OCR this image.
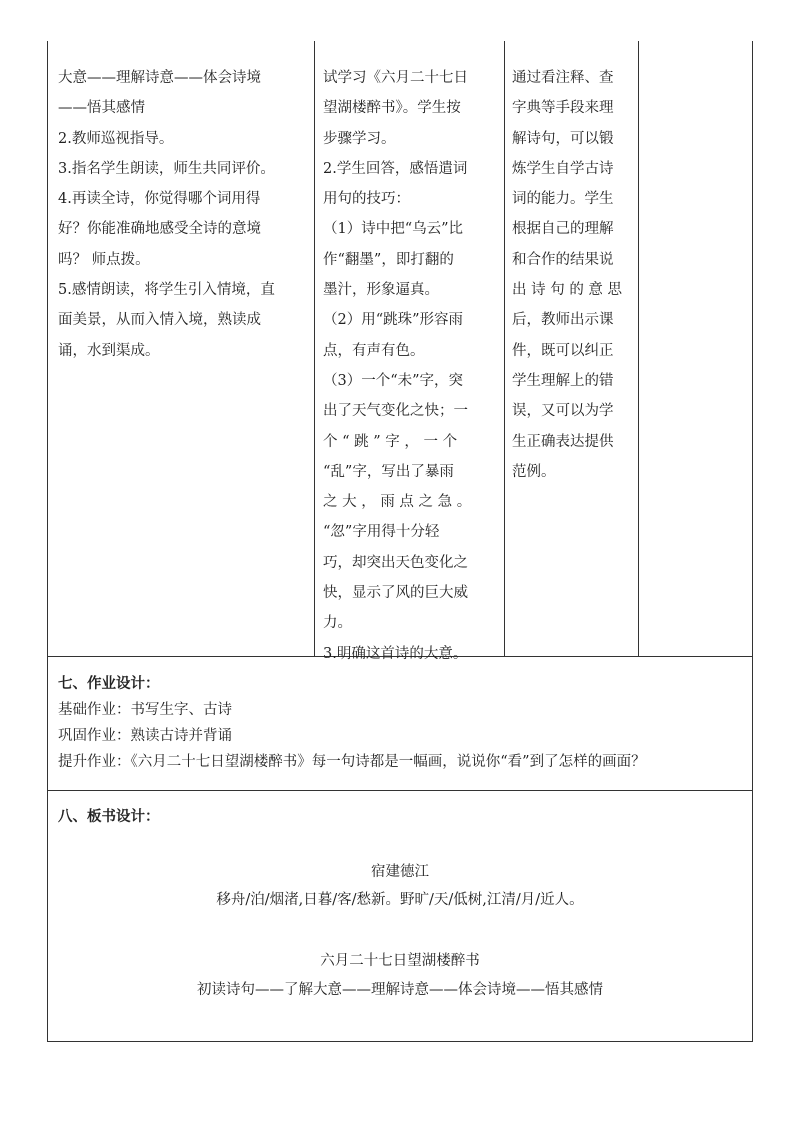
大意——理解诗意——体会诗境

——悟其感情

2.教师巡视指导。

3.指名学生朗读，师生共同评价。

4.再读全诗，你觉得哪个词用得

好？你能准确地感受全诗的意境

吗？ 师点拨。

5.感情朗读，将学生引入情境，直

面美景，从而入情入境，熟读成

诵，水到渠成。

试学习《六月二十七日

望湖楼醉书》。学生按

步骤学习。

2.学生回答，感悟遣词

用句的技巧：

（1）诗中把“乌云”比

作“翻墨”，即打翻的

墨汁，形象逼真。

（2）用“跳珠”形容雨

点，有声有色。

（3）一个“未”字，突

出了天气变化之快；一

个 “ 跳 ” 字 ， 一 个

“乱”字，写出了暴雨

之 大 ， 雨 点 之 急 。

“忽”字用得十分轻

巧，却突出天色变化之

快，显示了风的巨大威

力。

3.明确这首诗的大意。

通过看注释、查

字典等手段来理

解诗句，可以锻

炼学生自学古诗

词的能力。学生

根据自己的理解

和合作的结果说

出 诗 句 的 意 思

后，教师出示课

件，既可以纠正

学生理解上的错

误，又可以为学

生正确表达提供

范例。

七、作业设计：

基础作业：书写生字、古诗

巩固作业：熟读古诗并背诵

提升作业：《六月二十七日望湖楼醉书》每一句诗都是一幅画，说说你“看”到了怎样的画面？

八、板书设计：
宿建德江
移舟/泊/烟渚,日暮/客/愁新。野旷/天/低树,江清/月/近人。
六月二十七日望湖楼醉书
初读诗句——了解大意——理解诗意——体会诗境——悟其感情
